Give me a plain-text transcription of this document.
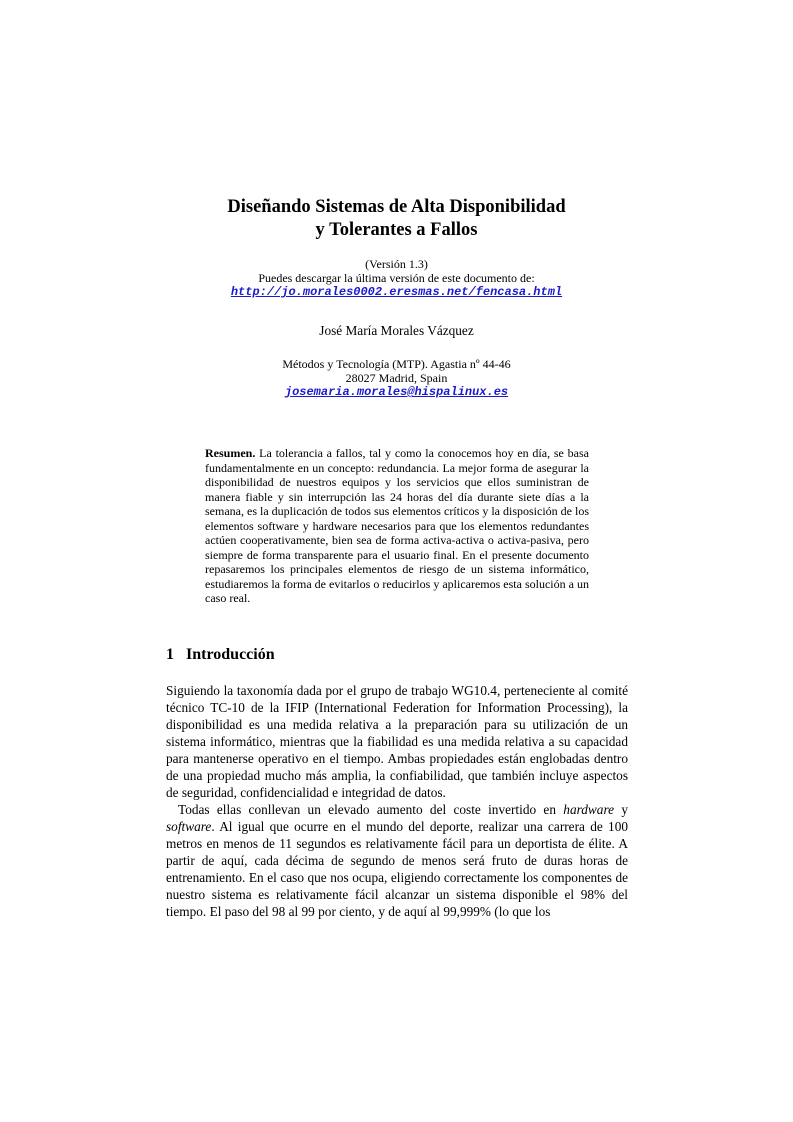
Diseñando Sistemas de Alta Disponibilidad
y Tolerantes a Fallos
(Versión 1.3)
Puedes descargar la última versión de este documento de:
http://jo.morales0002.eresmas.net/fencasa.html
José María Morales Vázquez
Métodos y Tecnología (MTP). Agastia nº 44-46
28027 Madrid, Spain
josemaria.morales@hispalinux.es
Resumen. La tolerancia a fallos, tal y como la conocemos hoy en día, se basa fundamentalmente en un concepto: redundancia. La mejor forma de asegurar la disponibilidad de nuestros equipos y los servicios que ellos suministran de manera fiable y sin interrupción las 24 horas del día durante siete días a la semana, es la duplicación de todos sus elementos críticos y la disposición de los elementos software y hardware necesarios para que los elementos redundantes actúen cooperativamente, bien sea de forma activa-activa o activa-pasiva, pero siempre de forma transparente para el usuario final. En el presente documento repasaremos los principales elementos de riesgo de un sistema informático, estudiaremos la forma de evitarlos o reducirlos y aplicaremos esta solución a un caso real.
1 Introducción

Siguiendo la taxonomía dada por el grupo de trabajo WG10.4, perteneciente al comité técnico TC-10 de la IFIP (International Federation for Information Processing), la disponibilidad es una medida relativa a la preparación para su utilización de un sistema informático, mientras que la fiabilidad es una medida relativa a su capacidad para mantenerse operativo en el tiempo. Ambas propiedades están englobadas dentro de una propiedad mucho más amplia, la confiabilidad, que también incluye aspectos de seguridad, confidencialidad e integridad de datos.

Todas ellas conllevan un elevado aumento del coste invertido en hardware y software. Al igual que ocurre en el mundo del deporte, realizar una carrera de 100 metros en menos de 11 segundos es relativamente fácil para un deportista de élite. A partir de aquí, cada décima de segundo de menos será fruto de duras horas de entrenamiento. En el caso que nos ocupa, eligiendo correctamente los componentes de nuestro sistema es relativamente fácil alcanzar un sistema disponible el 98% del tiempo. El paso del 98 al 99 por ciento, y de aquí al 99,999% (lo que los
